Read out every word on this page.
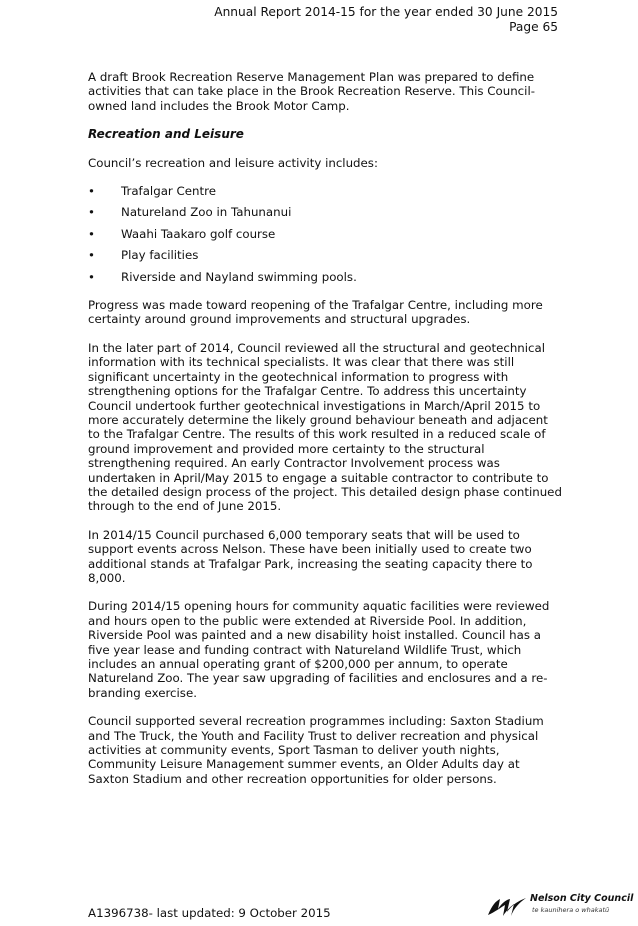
Annual Report 2014-15 for the year ended 30 June 2015
Page 65

A draft Brook Recreation Reserve Management Plan was prepared to define activities that can take place in the Brook Recreation Reserve. This Council-owned land includes the Brook Motor Camp.

Recreation and Leisure

Council’s recreation and leisure activity includes:

• Trafalgar Centre
• Natureland Zoo in Tahunanui
• Waahi Taakaro golf course
• Play facilities
• Riverside and Nayland swimming pools.

Progress was made toward reopening of the Trafalgar Centre, including more certainty around ground improvements and structural upgrades.

In the later part of 2014, Council reviewed all the structural and geotechnical information with its technical specialists. It was clear that there was still significant uncertainty in the geotechnical information to progress with strengthening options for the Trafalgar Centre. To address this uncertainty Council undertook further geotechnical investigations in March/April 2015 to more accurately determine the likely ground behaviour beneath and adjacent to the Trafalgar Centre. The results of this work resulted in a reduced scale of ground improvement and provided more certainty to the structural strengthening required. An early Contractor Involvement process was undertaken in April/May 2015 to engage a suitable contractor to contribute to the detailed design process of the project. This detailed design phase continued through to the end of June 2015.

In 2014/15 Council purchased 6,000 temporary seats that will be used to support events across Nelson. These have been initially used to create two additional stands at Trafalgar Park, increasing the seating capacity there to 8,000.

During 2014/15 opening hours for community aquatic facilities were reviewed and hours open to the public were extended at Riverside Pool. In addition, Riverside Pool was painted and a new disability hoist installed. Council has a five year lease and funding contract with Natureland Wildlife Trust, which includes an annual operating grant of $200,000 per annum, to operate Natureland Zoo. The year saw upgrading of facilities and enclosures and a re-branding exercise.

Council supported several recreation programmes including: Saxton Stadium and The Truck, the Youth and Facility Trust to deliver recreation and physical activities at community events, Sport Tasman to deliver youth nights, Community Leisure Management summer events, an Older Adults day at Saxton Stadium and other recreation opportunities for older persons.

A1396738- last updated: 9 October 2015
Nelson City Council
te kaunihera o whakatū
